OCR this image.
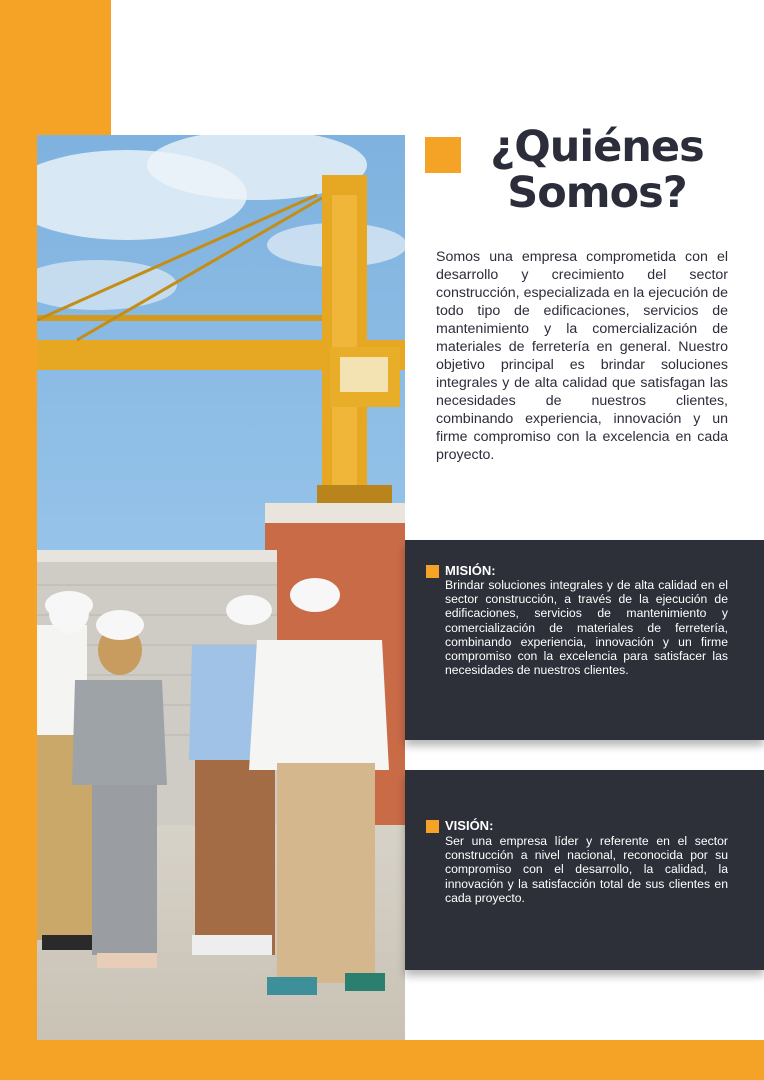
¿Quiénes
Somos?

Somos una empresa comprometida con el desarrollo y crecimiento del sector construcción, especializada en la ejecución de todo tipo de edificaciones, servicios de mantenimiento y la comercialización de materiales de ferretería en general. Nuestro objetivo principal es brindar soluciones integrales y de alta calidad que satisfagan las necesidades de nuestros clientes, combinando experiencia, innovación y un firme compromiso con la excelencia en cada proyecto.

MISIÓN:

Brindar soluciones integrales y de alta calidad en el sector construcción, a través de la ejecución de edificaciones, servicios de mantenimiento y comercialización de materiales de ferretería, combinando experiencia, innovación y un firme compromiso con la excelencia para satisfacer las necesidades de nuestros clientes.

VISIÓN:

Ser una empresa líder y referente en el sector construcción a nivel nacional, reconocida por su compromiso con el desarrollo, la calidad, la innovación y la satisfacción total de sus clientes en cada proyecto.
